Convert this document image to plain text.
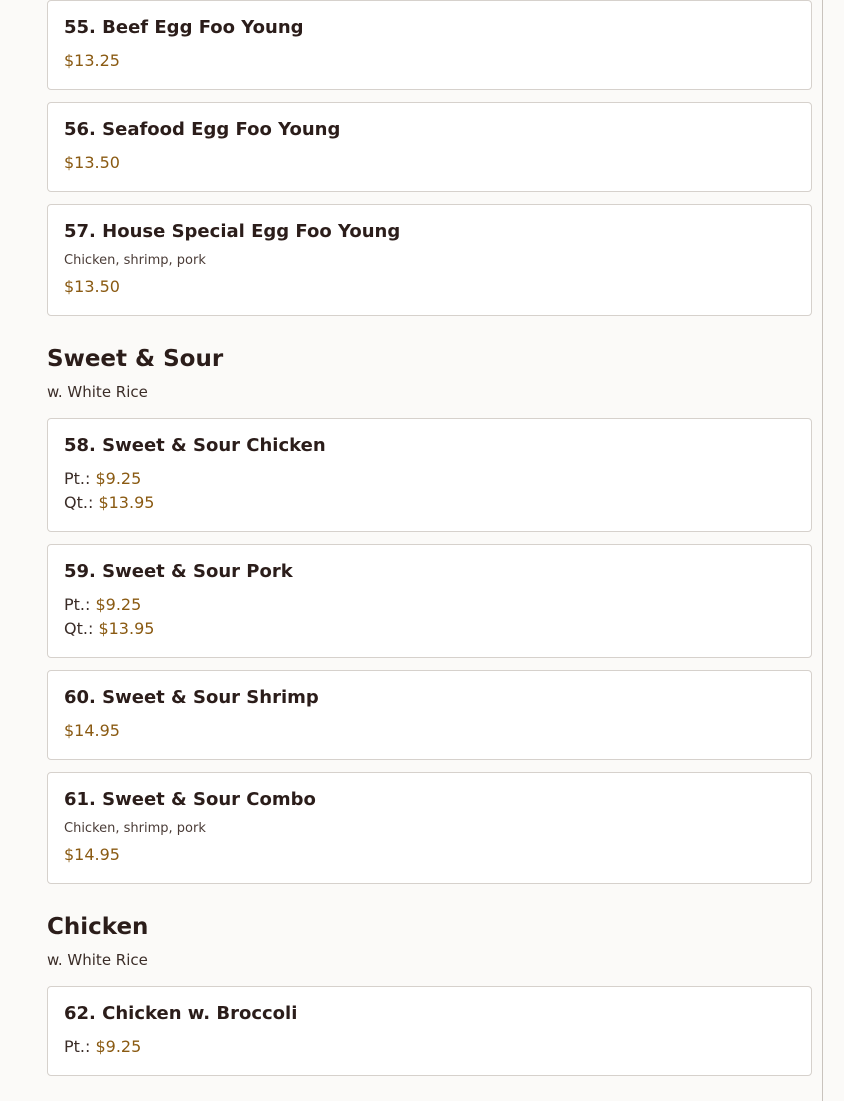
55. Beef Egg Foo Young
$13.25
56. Seafood Egg Foo Young
$13.50
57. House Special Egg Foo Young
Chicken, shrimp, pork
$13.50
Sweet & Sour
w. White Rice
58. Sweet & Sour Chicken
Pt.: $9.25
Qt.: $13.95
59. Sweet & Sour Pork
Pt.: $9.25
Qt.: $13.95
60. Sweet & Sour Shrimp
$14.95
61. Sweet & Sour Combo
Chicken, shrimp, pork
$14.95
Chicken
w. White Rice
62. Chicken w. Broccoli
Pt.: $9.25
